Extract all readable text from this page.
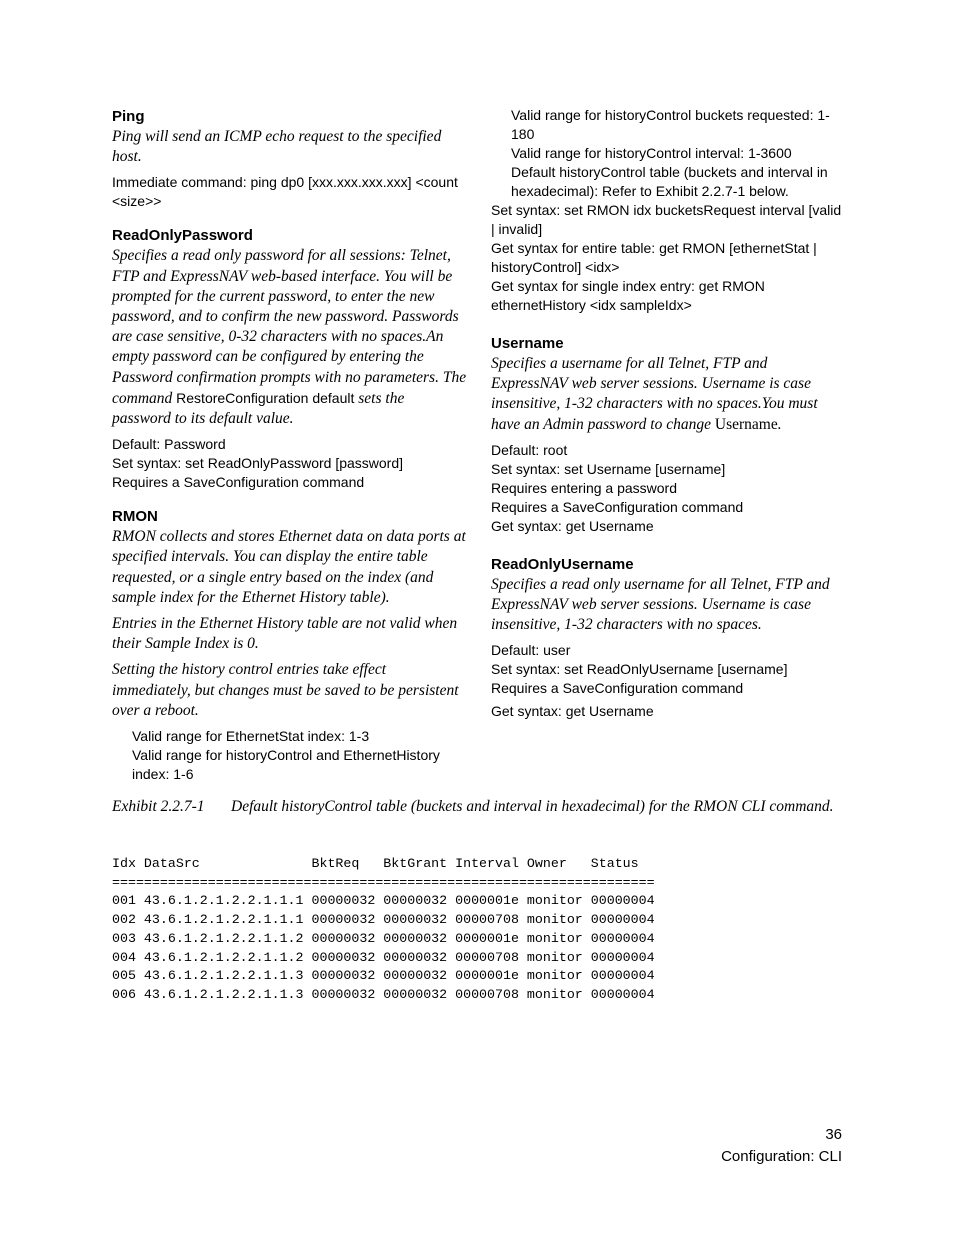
Ping

Ping will send an ICMP echo request to the specified host.

Immediate command: ping dp0 [xxx.xxx.xxx.xxx] <count <size>>

ReadOnlyPassword

Specifies a read only password for all sessions: Telnet, FTP and ExpressNAV web-based interface. You will be prompted for the current password, to enter the new password, and to confirm the new password. Passwords are case sensitive, 0-32 characters with no spaces.An empty password can be configured by entering the Password confirmation prompts with no parameters. The command RestoreConfiguration default sets the password to its default value.

Default: Password

Set syntax: set ReadOnlyPassword [password]

Requires a SaveConfiguration command

RMON

RMON collects and stores Ethernet data on data ports at specified intervals. You can display the entire table requested, or a single entry based on the index (and sample index for the Ethernet History table).

Entries in the Ethernet History table are not valid when their Sample Index is 0.

Setting the history control entries take effect immediately, but changes must be saved to be persistent over a reboot.

Valid range for EthernetStat index: 1-3

Valid range for historyControl and EthernetHistory index: 1-6

Valid range for historyControl buckets requested: 1-180

Valid range for historyControl interval: 1-3600

Default historyControl table (buckets and interval in hexadecimal): Refer to Exhibit 2.2.7-1 below.

Set syntax: set RMON idx bucketsRequest interval [valid | invalid]

Get syntax for entire table: get RMON [ethernetStat | historyControl] <idx>

Get syntax for single index entry: get RMON ethernetHistory <idx sampleIdx>

Username

Specifies a username for all Telnet, FTP and ExpressNAV web server sessions. Username is case insensitive, 1-32 characters with no spaces.You must have an Admin password to change Username.

Default: root

Set syntax: set Username [username]

Requires entering a password

Requires a SaveConfiguration command

Get syntax: get Username

ReadOnlyUsername

Specifies a read only username for all Telnet, FTP and ExpressNAV web server sessions. Username is case insensitive, 1-32 characters with no spaces.

Default: user

Set syntax: set ReadOnlyUsername [username]

Requires a SaveConfiguration command

Get syntax: get Username

Exhibit 2.2.7-1 Default historyControl table (buckets and interval in hexadecimal) for the RMON CLI command.
Idx DataSrc              BktReq   BktGrant Interval Owner   Status
====================================================================
001 43.6.1.2.1.2.2.1.1.1 00000032 00000032 0000001e monitor 00000004
002 43.6.1.2.1.2.2.1.1.1 00000032 00000032 00000708 monitor 00000004
003 43.6.1.2.1.2.2.1.1.2 00000032 00000032 0000001e monitor 00000004
004 43.6.1.2.1.2.2.1.1.2 00000032 00000032 00000708 monitor 00000004
005 43.6.1.2.1.2.2.1.1.3 00000032 00000032 0000001e monitor 00000004
006 43.6.1.2.1.2.2.1.1.3 00000032 00000032 00000708 monitor 00000004
36
Configuration: CLI
